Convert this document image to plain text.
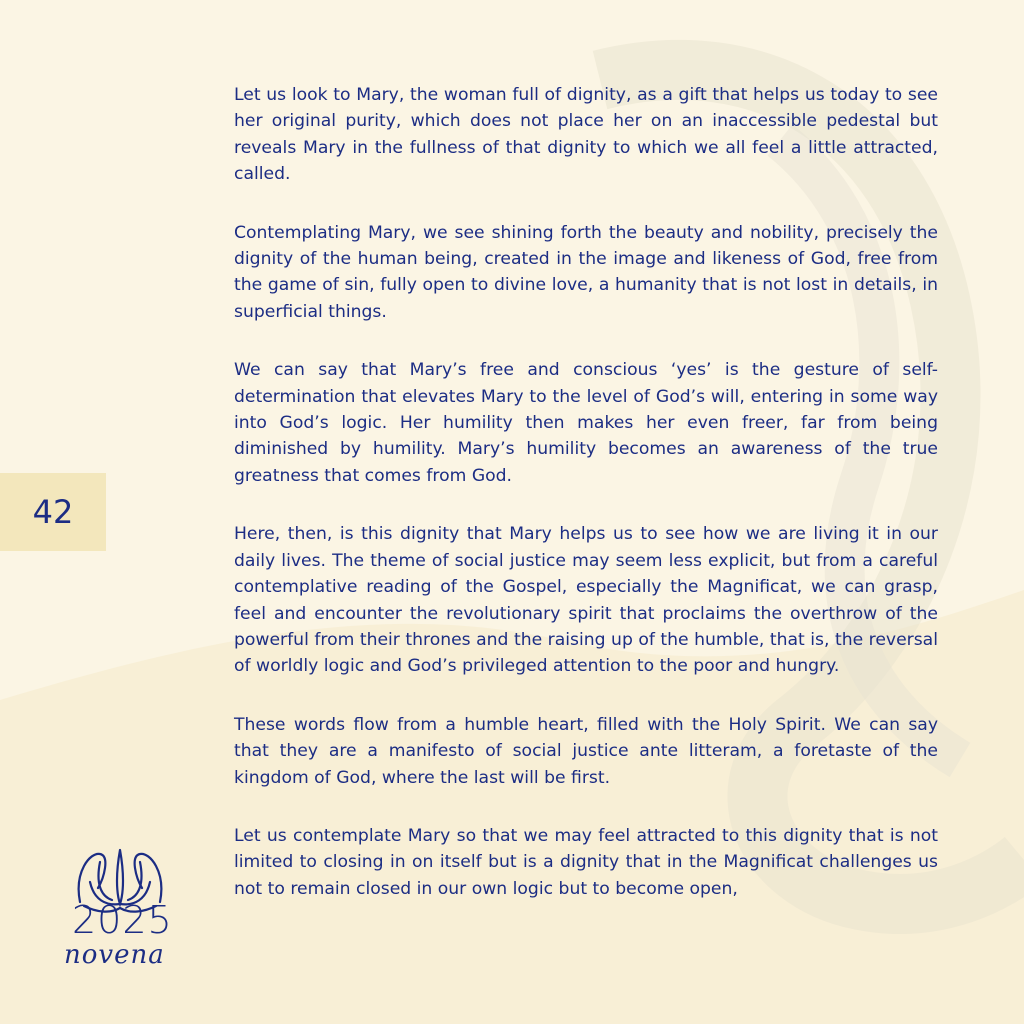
42

Let us look to Mary, the woman full of dignity, as a gift that helps us today to see her original purity, which does not place her on an inaccessible pedestal but reveals Mary in the fullness of that dignity to which we all feel a little attracted, called.

Contemplating Mary, we see shining forth the beauty and nobility, precisely the dignity of the human being, created in the image and likeness of God, free from the game of sin, fully open to divine love, a humanity that is not lost in details, in superficial things.

We can say that Mary’s free and conscious ‘yes’ is the gesture of self-determination that elevates Mary to the level of God’s will, entering in some way into God’s logic. Her humility then makes her even freer, far from being diminished by humility. Mary’s humility becomes an awareness of the true greatness that comes from God.

Here, then, is this dignity that Mary helps us to see how we are living it in our daily lives. The theme of social justice may seem less explicit, but from a careful contemplative reading of the Gospel, especially the Magnificat, we can grasp, feel and encounter the revolutionary spirit that proclaims the overthrow of the powerful from their thrones and the raising up of the humble, that is, the reversal of worldly logic and God’s privileged attention to the poor and hungry.

These words flow from a humble heart, filled with the Holy Spirit. We can say that they are a manifesto of social justice ante litteram, a foretaste of the kingdom of God, where the last will be first.

Let us contemplate Mary so that we may feel attracted to this dignity that is not limited to closing in on itself but is a dignity that in the Magnificat challenges us not to remain closed in our own logic but to become open,

2025
novena
